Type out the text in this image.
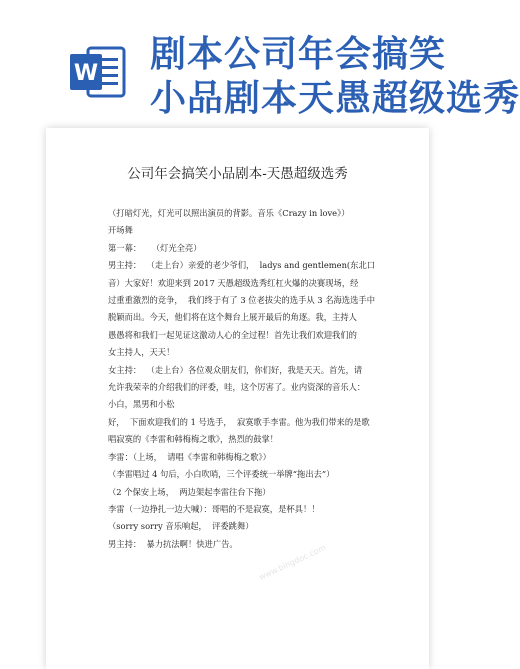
W 剧本公司年会搞笑
小品剧本天愚超级选秀
公司年会搞笑小品剧本-天愚超级选秀

（打暗灯光，灯光可以照出演员的背影。音乐《Crazy in love》）

开场舞

第一幕：    （灯光全亮）

男主持：  （走上台）亲爱的老少爷们，  ladys and gentlemen(东北口

音）大家好！欢迎来到 2017 天愚超级选秀红杠火爆的决赛现场，经

过重重激烈的竞争，  我们终于有了 3 位老拔尖的选手从 3 名海选选手中

脱颖而出。今天，他们将在这个舞台上展开最后的角逐。我，主持人

愚愚将和我们一起见证这激动人心的全过程！首先让我们欢迎我们的

女主持人，天天！

女主持：  （走上台）各位观众朋友们，你们好，我是天天。首先，请

允许我荣幸的介绍我们的评委，哇，这个厉害了。业内资深的音乐人：

小白，黑男和小松

好，  下面欢迎我们的 1 号选手，  寂寞歌手李雷。他为我们带来的是歌

唱寂寞的《李雷和韩梅梅之歌》，热烈的鼓掌！

李雷：（上场，  请唱《李雷和韩梅梅之歌》）

（李雷唱过 4 句后，小白吹哨，三个评委统一举牌“拖出去”）

（2 个保安上场，  两边架起李雷往台下拖）

李雷（一边挣扎一边大喊）：哥唱的不是寂寞，是杯具！！

（sorry sorry 音乐响起，  评委跳舞）

男主持：  暴力抗法啊！快进广告。	www.bingdoc.com
